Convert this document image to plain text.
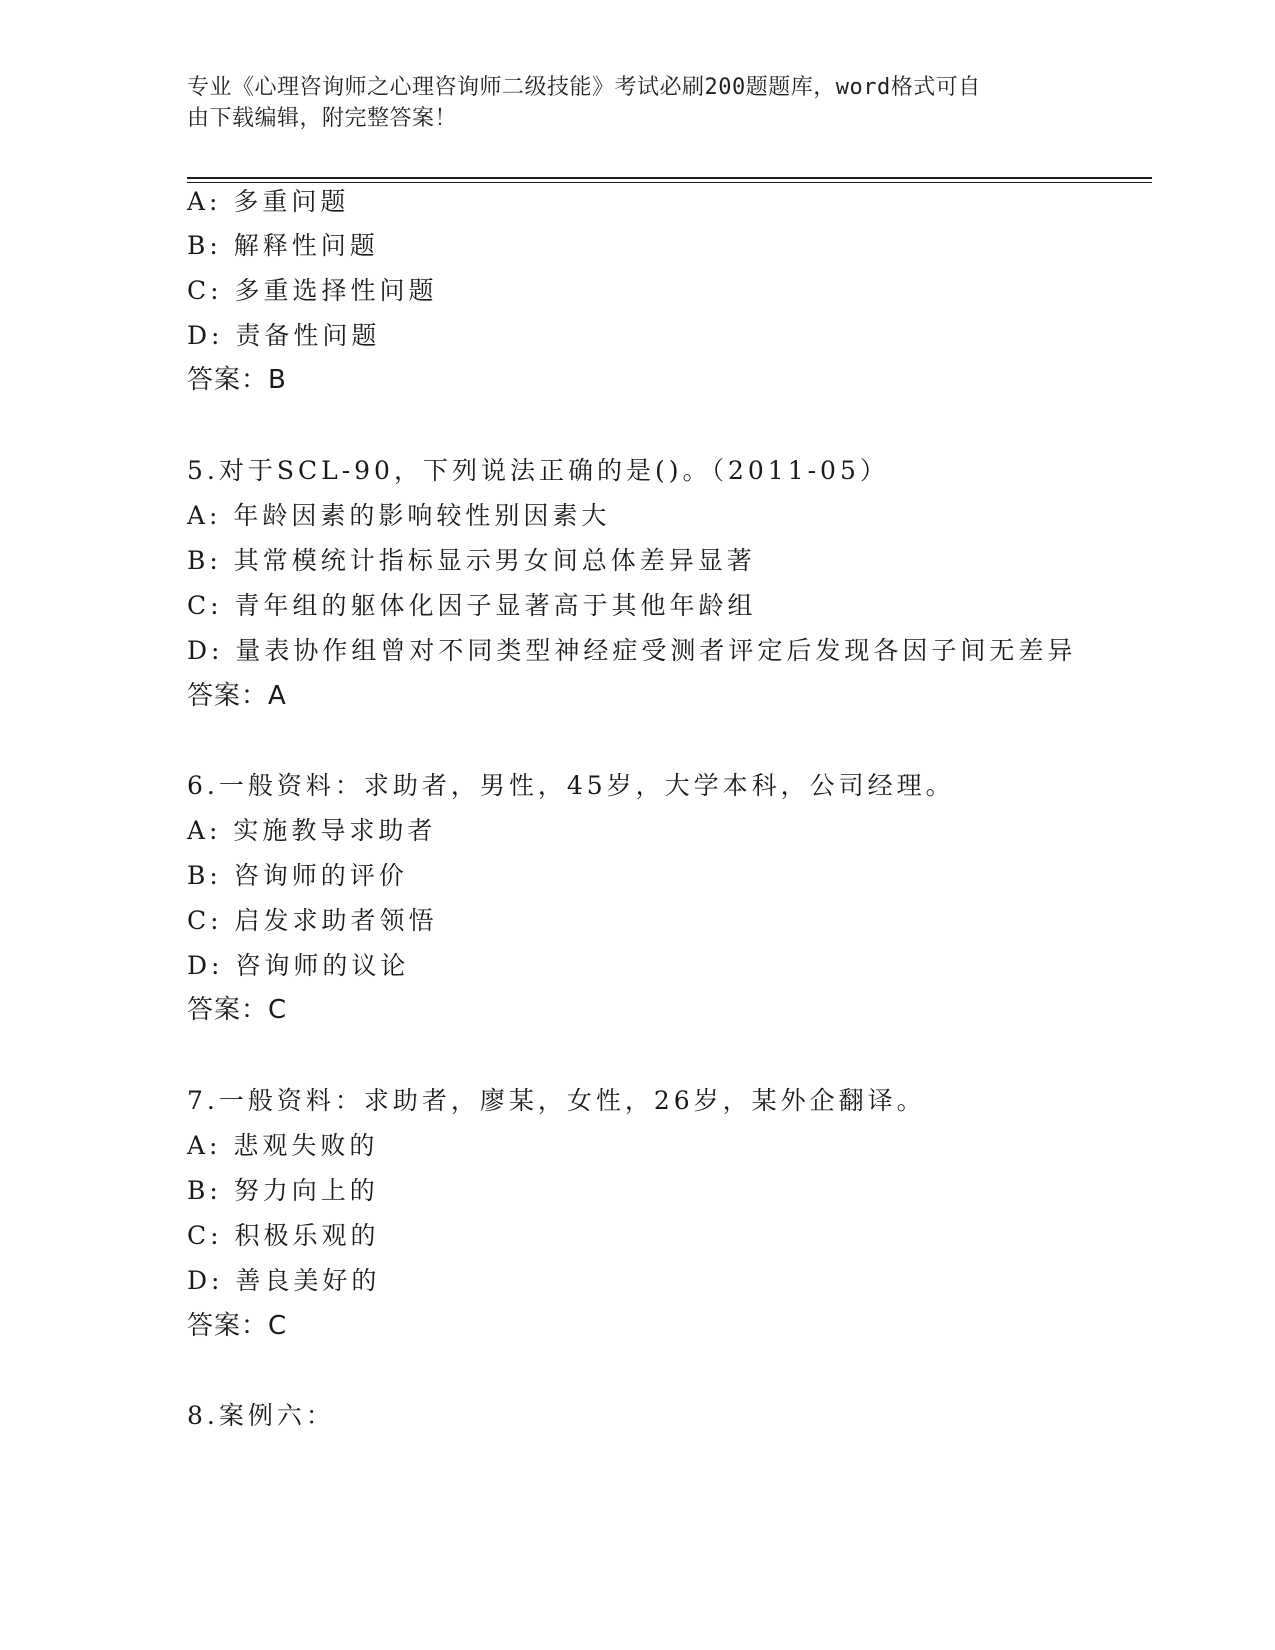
专业《心理咨询师之心理咨询师二级技能》考试必刷200题题库，word格式可自
由下载编辑，附完整答案！
A: 多重问题
B: 解释性问题
C: 多重选择性问题
D: 责备性问题
答案：B
5.对于SCL-90，下列说法正确的是()。（2011-05）
A: 年龄因素的影响较性别因素大
B: 其常模统计指标显示男女间总体差异显著
C: 青年组的躯体化因子显著高于其他年龄组
D: 量表协作组曾对不同类型神经症受测者评定后发现各因子间无差异
答案：A
6.一般资料：求助者，男性，45岁，大学本科，公司经理。
A: 实施教导求助者
B: 咨询师的评价
C: 启发求助者领悟
D: 咨询师的议论
答案：C
7.一般资料：求助者，廖某，女性，26岁，某外企翻译。
A: 悲观失败的
B: 努力向上的
C: 积极乐观的
D: 善良美好的
答案：C
8.案例六：
